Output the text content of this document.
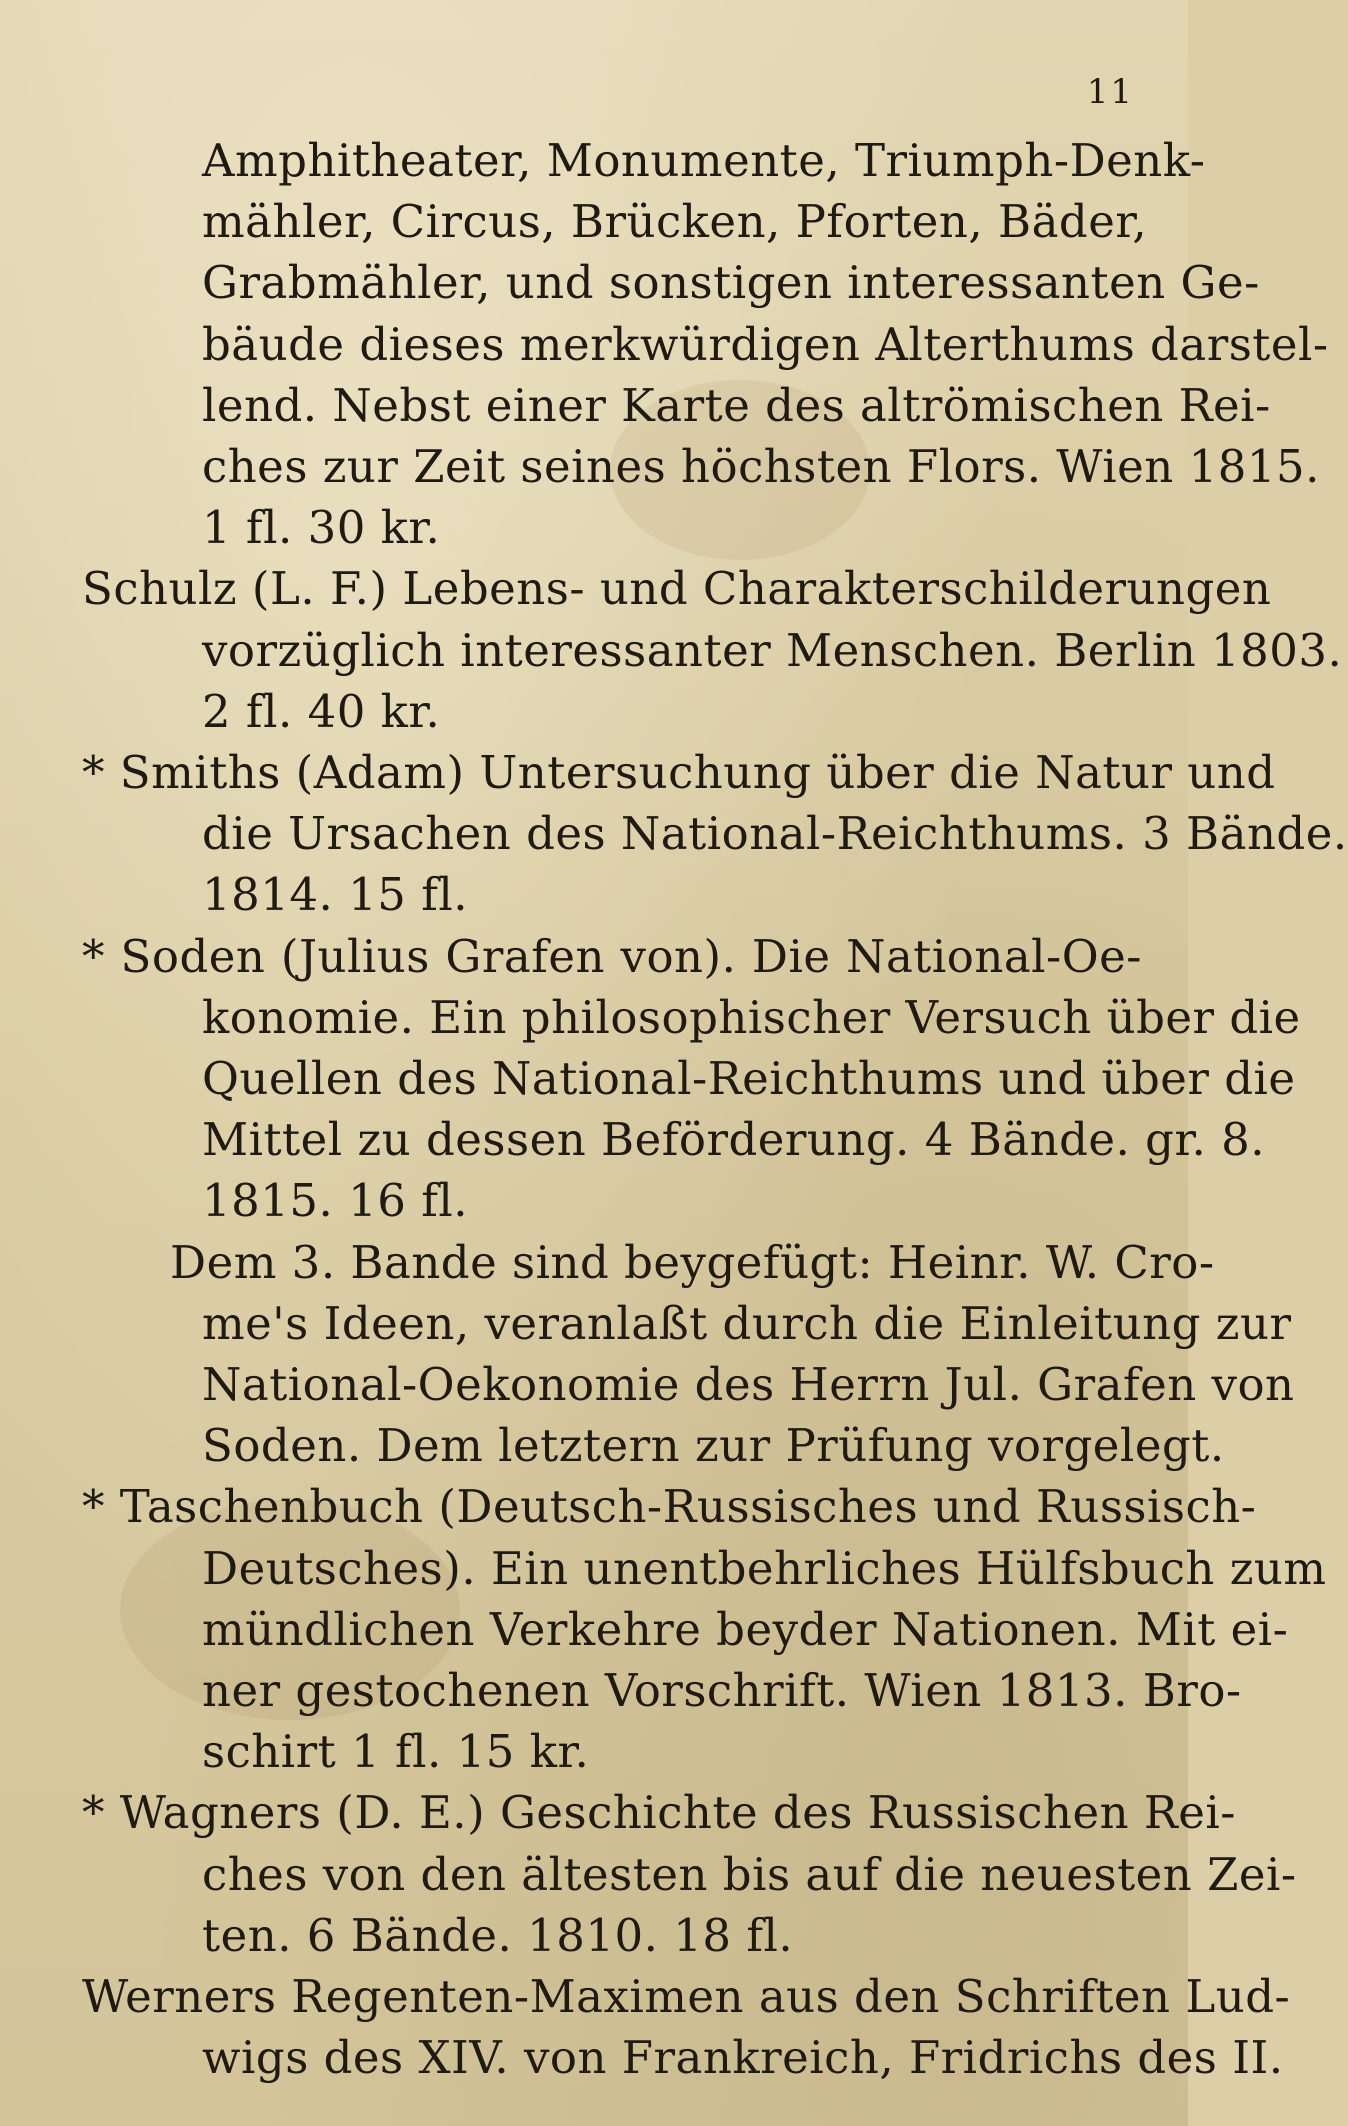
11
Amphitheater, Monumente, Triumph-Denk-
mähler, Circus, Brücken, Pforten, Bäder,
Grabmähler, und sonstigen interessanten Ge-
bäude dieses merkwürdigen Alterthums darstel-
lend. Nebst einer Karte des altrömischen Rei-
ches zur Zeit seines höchsten Flors. Wien 1815.
1 fl. 30 kr.
Schulz (L. F.) Lebens- und Charakterschilderungen
vorzüglich interessanter Menschen. Berlin 1803.
2 fl. 40 kr.
* Smiths (Adam) Untersuchung über die Natur und
die Ursachen des National-Reichthums. 3 Bände.
1814. 15 fl.
* Soden (Julius Grafen von). Die National-Oe-
konomie. Ein philosophischer Versuch über die
Quellen des National-Reichthums und über die
Mittel zu dessen Beförderung. 4 Bände. gr. 8.
1815. 16 fl.
Dem 3. Bande sind beygefügt: Heinr. W. Cro-
me's Ideen, veranlaßt durch die Einleitung zur
National-Oekonomie des Herrn Jul. Grafen von
Soden. Dem letztern zur Prüfung vorgelegt.
* Taschenbuch (Deutsch-Russisches und Russisch-
Deutsches). Ein unentbehrliches Hülfsbuch zum
mündlichen Verkehre beyder Nationen. Mit ei-
ner gestochenen Vorschrift. Wien 1813. Bro-
schirt 1 fl. 15 kr.
* Wagners (D. E.) Geschichte des Russischen Rei-
ches von den ältesten bis auf die neuesten Zei-
ten. 6 Bände. 1810. 18 fl.
Werners Regenten-Maximen aus den Schriften Lud-
wigs des XIV. von Frankreich, Fridrichs des II.
